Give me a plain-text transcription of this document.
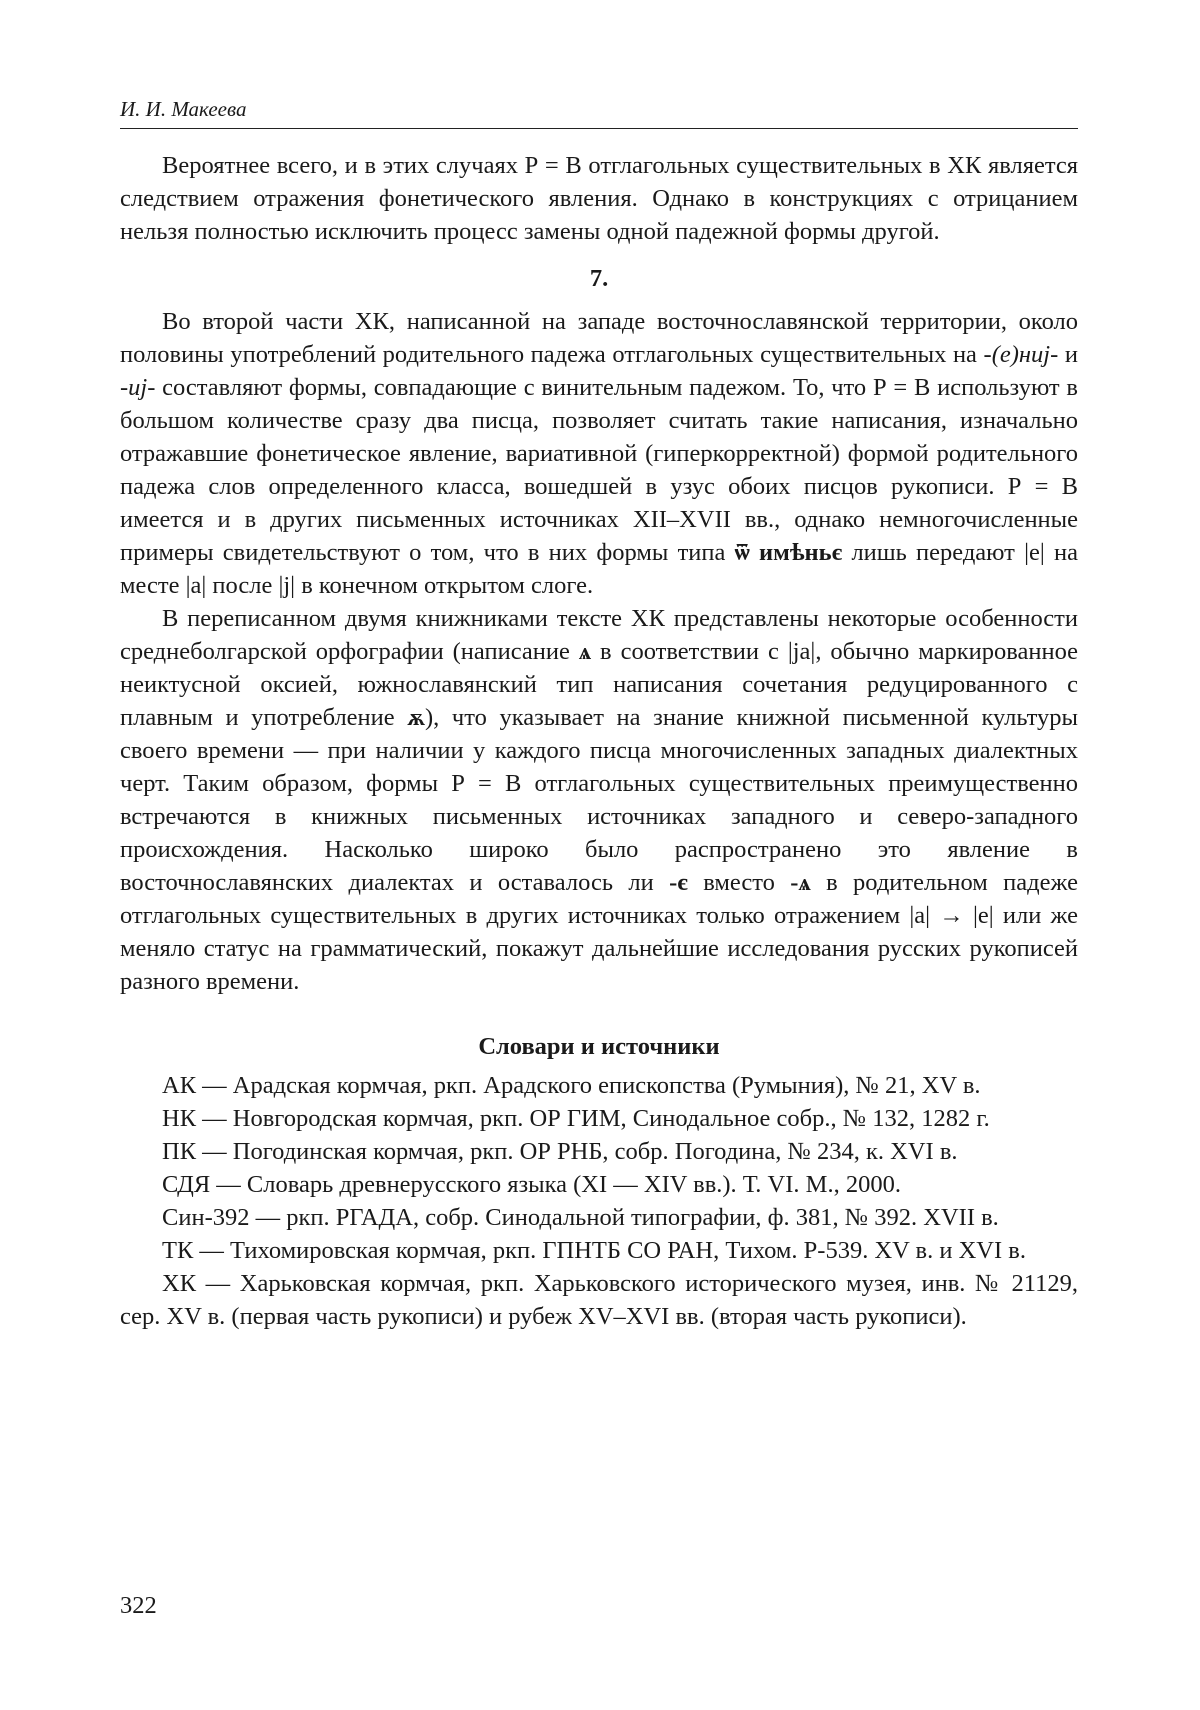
И. И. Макеева

Вероятнее всего, и в этих случаях Р = В отглагольных существительных в ХК является следствием отражения фонетического явления. Однако в конструкциях с отрицанием нельзя полностью исключить процесс замены одной падежной формы другой.

7.

Во второй части ХК, написанной на западе восточнославянской территории, около половины употреблений родительного падежа отглагольных существительных на -(е)ниj- и -иj- составляют формы, совпадающие с винительным падежом. То, что Р = В используют в большом количестве сразу два писца, позволяет считать такие написания, изначально отражавшие фонетическое явление, вариативной (гиперкорректной) формой родительного падежа слов определенного класса, вошедшей в узус обоих писцов рукописи. Р = В имеется и в других письменных источниках XII–XVII вв., однако немногочисленные примеры свидетельствуют о том, что в них формы типа ѿ имѣньє лишь передают |е| на месте |а| после |j| в конечном открытом слоге.

В переписанном двумя книжниками тексте ХК представлены некоторые особенности среднеболгарской орфографии (написание ѧ в соответствии с |jа|, обычно маркированное неиктусной оксией, южнославянский тип написания сочетания редуцированного с плавным и употребление ѫ), что указывает на знание книжной письменной культуры своего времени — при наличии у каждого писца многочисленных западных диалектных черт. Таким образом, формы Р = В отглагольных существительных преимущественно встречаются в книжных письменных источниках западного и северо-западного происхождения. Насколько широко было распространено это явление в восточнославянских диалектах и оставалось ли -є вместо -ѧ в родительном падеже отглагольных существительных в других источниках только отражением |а| → |е| или же меняло статус на грамматический, покажут дальнейшие исследования русских рукописей разного времени.

Словари и источники

АК — Арадская кормчая, ркп. Арадского епископства (Румыния), № 21, XV в.

НК — Новгородская кормчая, ркп. ОР ГИМ, Синодальное собр., № 132, 1282 г.

ПК — Погодинская кормчая, ркп. ОР РНБ, собр. Погодина, № 234, к. XVI в.

СДЯ — Словарь древнерусского языка (XI — XIV вв.). Т. VI. М., 2000.

Син-392 — ркп. РГАДА, собр. Синодальной типографии, ф. 381, № 392. XVII в.

ТК — Тихомировская кормчая, ркп. ГПНТБ СО РАН, Тихом. Р-539. XV в. и XVI в.

ХК — Харьковская кормчая, ркп. Харьковского исторического музея, инв. № 21129, сер. XV в. (первая часть рукописи) и рубеж XV–XVI вв. (вторая часть рукописи).

322
